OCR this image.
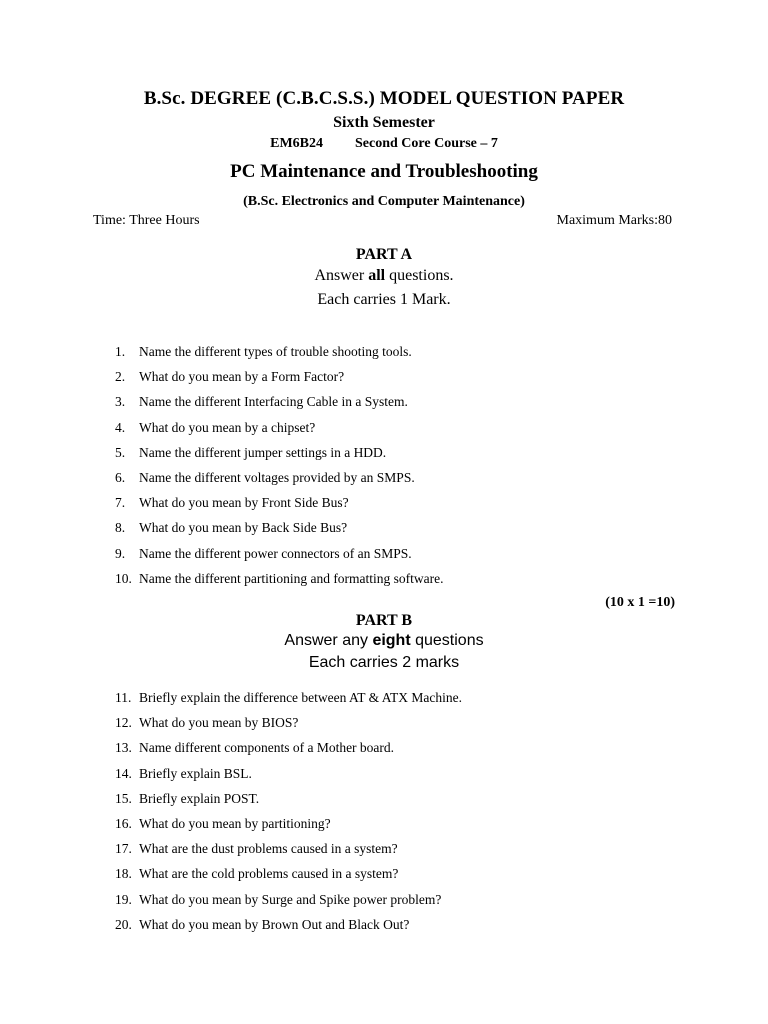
B.Sc. DEGREE (C.B.C.S.S.) MODEL QUESTION PAPER
Sixth Semester
EM6B24 Second Core Course – 7
PC Maintenance and Troubleshooting
(B.Sc. Electronics and Computer Maintenance)
Time: Three Hours	Maximum Marks:80
PART A
Answer all questions.
Each carries 1 Mark.
1. Name the different types of trouble shooting tools.
2. What do you mean by a Form Factor?
3. Name the different Interfacing Cable in a System.
4. What do you mean by a chipset?
5. Name the different jumper settings in a HDD.
6. Name the different voltages provided by an SMPS.
7. What do you mean by Front Side Bus?
8. What do you mean by Back Side Bus?
9. Name the different power connectors of an SMPS.
10. Name the different partitioning and formatting software.
(10 x 1 =10)
PART B
Answer any eight questions
Each carries 2 marks
11. Briefly explain the difference between AT & ATX Machine.
12. What do you mean by BIOS?
13. Name different components of a Mother board.
14. Briefly explain BSL.
15. Briefly explain POST.
16. What do you mean by partitioning?
17. What are the dust problems caused in a system?
18. What are the cold problems caused in a system?
19. What do you mean by Surge and Spike power problem?
20. What do you mean by Brown Out and Black Out?
